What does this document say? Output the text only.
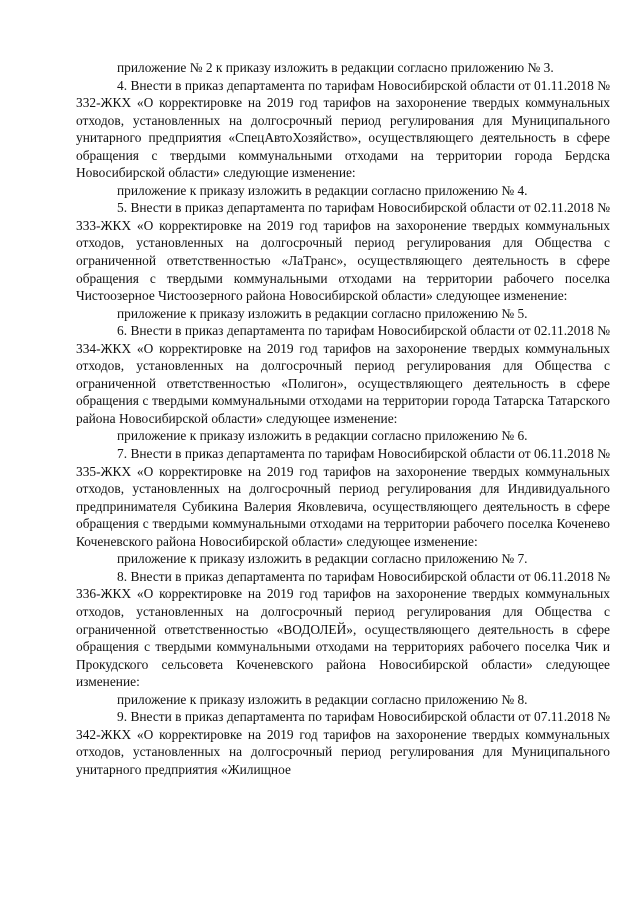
приложение № 2 к приказу изложить в редакции согласно приложению № 3.

4. Внести в приказ департамента по тарифам Новосибирской области от 01.11.2018 № 332-ЖКХ «О корректировке на 2019 год тарифов на захоронение твердых коммунальных отходов, установленных на долгосрочный период регулирования для Муниципального унитарного предприятия «СпецАвтоХозяйство», осуществляющего деятельность в сфере обращения с твердыми коммунальными отходами на территории города Бердска Новосибирской области» следующие изменение:

приложение к приказу изложить в редакции согласно приложению № 4.

5. Внести в приказ департамента по тарифам Новосибирской области от 02.11.2018 № 333-ЖКХ «О корректировке на 2019 год тарифов на захоронение твердых коммунальных отходов, установленных на долгосрочный период регулирования для Общества с ограниченной ответственностью «ЛаТранс», осуществляющего деятельность в сфере обращения с твердыми коммунальными отходами на территории рабочего поселка Чистоозерное Чистоозерного района Новосибирской области» следующее изменение:

приложение к приказу изложить в редакции согласно приложению № 5.

6. Внести в приказ департамента по тарифам Новосибирской области от 02.11.2018 № 334-ЖКХ «О корректировке на 2019 год тарифов на захоронение твердых коммунальных отходов, установленных на долгосрочный период регулирования для Общества с ограниченной ответственностью «Полигон», осуществляющего деятельность в сфере обращения с твердыми коммунальными отходами на территории города Татарска Татарского района Новосибирской области» следующее изменение:

приложение к приказу изложить в редакции согласно приложению № 6.

7. Внести в приказ департамента по тарифам Новосибирской области от 06.11.2018 № 335-ЖКХ «О корректировке на 2019 год тарифов на захоронение твердых коммунальных отходов, установленных на долгосрочный период регулирования для Индивидуального предпринимателя Субикина Валерия Яковлевича, осуществляющего деятельность в сфере обращения с твердыми коммунальными отходами на территории рабочего поселка Коченево Коченевского района Новосибирской области» следующее изменение:

приложение к приказу изложить в редакции согласно приложению № 7.

8. Внести в приказ департамента по тарифам Новосибирской области от 06.11.2018 № 336-ЖКХ «О корректировке на 2019 год тарифов на захоронение твердых коммунальных отходов, установленных на долгосрочный период регулирования для Общества с ограниченной ответственностью «ВОДОЛЕЙ», осуществляющего деятельность в сфере обращения с твердыми коммунальными отходами на территориях рабочего поселка Чик и Прокудского сельсовета Коченевского района Новосибирской области» следующее изменение:

приложение к приказу изложить в редакции согласно приложению № 8.

9. Внести в приказ департамента по тарифам Новосибирской области от 07.11.2018 № 342-ЖКХ «О корректировке на 2019 год тарифов на захоронение твердых коммунальных отходов, установленных на долгосрочный период регулирования для Муниципального унитарного предприятия «Жилищное
